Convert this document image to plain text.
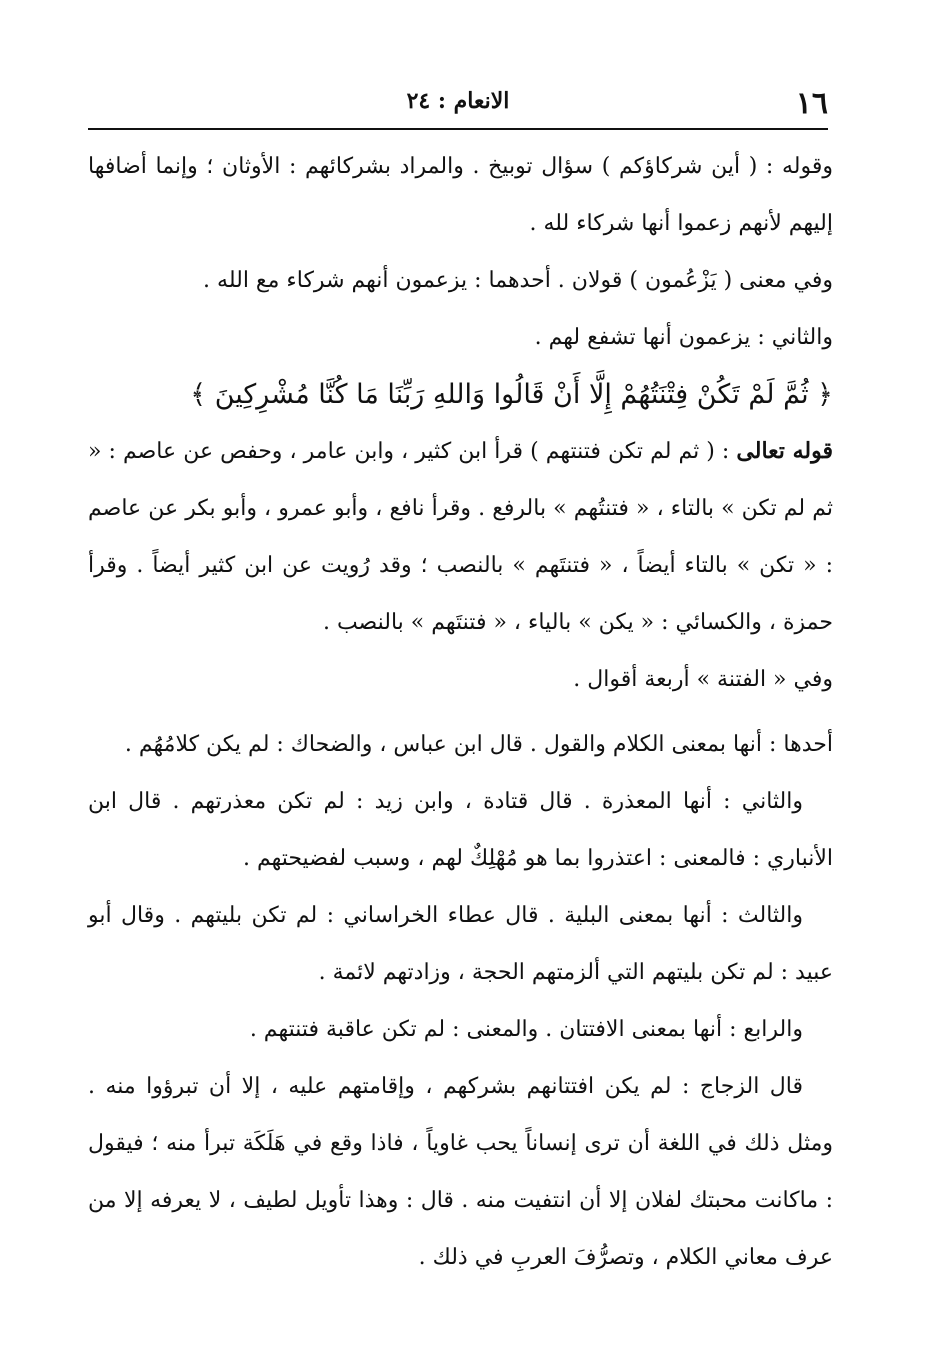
١٦
الانعام : ٢٤

وقوله : ( أين شركاؤكم ) سؤال توبيخ . والمراد بشركائهم : الأوثان ؛ وإنما أضافها إليهم لأنهم زعموا أنها شركاء لله .

وفي معنى ( يَزْعُمون ) قولان . أحدهما : يزعمون أنهم شركاء مع الله .

والثاني : يزعمون أنها تشفع لهم .

﴿ ثُمَّ لَمْ تَكُنْ فِتْنَتُهُمْ إِلَّا أَنْ قَالُوا وَاللهِ رَبِّنَا مَا كُنَّا مُشْرِكِينَ ﴾

قوله تعالى : ( ثم لم تكن فتنتهم ) قرأ ابن كثير ، وابن عامر ، وحفص عن عاصم : « ثم لم تكن » بالتاء ، « فتنتُهم » بالرفع . وقرأ نافع ، وأبو عمرو ، وأبو بكر عن عاصم : « تكن » بالتاء أيضاً ، « فتنتَهم » بالنصب ؛ وقد رُويت عن ابن كثير أيضاً . وقرأ حمزة ، والكسائي : « يكن » بالياء ، « فتنتَهم » بالنصب .

وفي « الفتنة » أربعة أقوال .

أحدها : أنها بمعنى الكلام والقول . قال ابن عباس ، والضحاك : لم يكن كلامُهُم .

والثاني : أنها المعذرة . قال قتادة ، وابن زيد : لم تكن معذرتهم . قال ابن الأنباري : فالمعنى : اعتذروا بما هو مُهْلِكٌ لهم ، وسبب لفضيحتهم .

والثالث : أنها بمعنى البلية . قال عطاء الخراساني : لم تكن بليتهم . وقال أبو عبيد : لم تكن بليتهم التي ألزمتهم الحجة ، وزادتهم لائمة .

والرابع : أنها بمعنى الافتتان . والمعنى : لم تكن عاقبة فتنتهم .

قال الزجاج : لم يكن افتتانهم بشركهم ، وإقامتهم عليه ، إلا أن تبرؤوا منه . ومثل ذلك في اللغة أن ترى إنساناً يحب غاوياً ، فاذا وقع في هَلَكَة تبرأ منه ؛ فيقول : ماكانت محبتك لفلان إلا أن انتفيت منه . قال : وهذا تأويل لطيف ، لا يعرفه إلا من عرف معاني الكلام ، وتصرُّفَ العربِ في ذلك .
